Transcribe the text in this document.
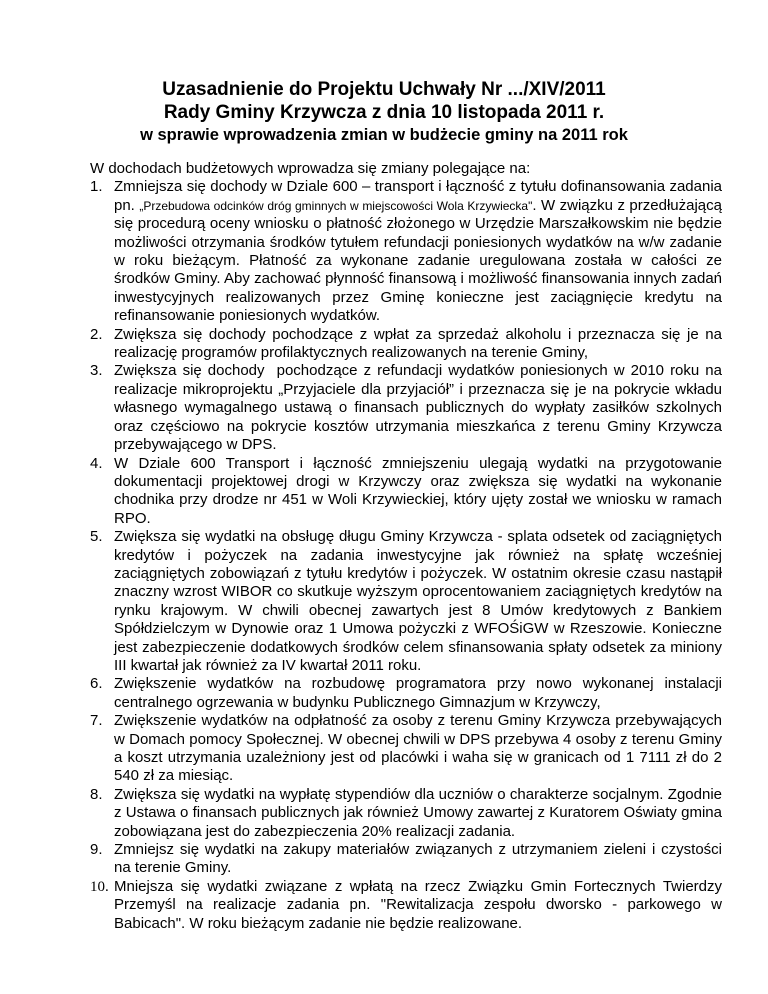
Uzasadnienie do Projektu Uchwały Nr .../XIV/2011

Rady Gminy Krzywcza z dnia 10 listopada 2011 r.

w sprawie wprowadzenia zmian w budżecie gminy na 2011 rok

W dochodach budżetowych wprowadza się zmiany polegające na:

1. Zmniejsza się dochody w Dziale 600 – transport i łączność z tytułu dofinansowania zadania pn. „Przebudowa odcinków dróg gminnych w miejscowości Wola Krzywiecka". W związku z przedłużającą się procedurą oceny wniosku o płatność złożonego w Urzędzie Marszałkowskim nie będzie możliwości otrzymania środków tytułem refundacji poniesionych wydatków na w/w zadanie w roku bieżącym. Płatność za wykonane zadanie uregulowana została w całości ze środków Gminy. Aby zachować płynność finansową i możliwość finansowania innych zadań inwestycyjnych realizowanych przez Gminę konieczne jest zaciągnięcie kredytu na refinansowanie poniesionych wydatków.
2. Zwiększa się dochody pochodzące z wpłat za sprzedaż alkoholu i przeznacza się je na realizację programów profilaktycznych realizowanych na terenie Gminy,
3. Zwiększa się dochody  pochodzące z refundacji wydatków poniesionych w 2010 roku na realizacje mikroprojektu „Przyjaciele dla przyjaciół” i przeznacza się je na pokrycie wkładu własnego wymagalnego ustawą o finansach publicznych do wypłaty zasiłków szkolnych oraz częściowo na pokrycie kosztów utrzymania mieszkańca z terenu Gminy Krzywcza przebywającego w DPS.
4. W Dziale 600 Transport i łączność zmniejszeniu ulegają wydatki na przygotowanie dokumentacji projektowej drogi w Krzywczy oraz zwiększa się wydatki na wykonanie chodnika przy drodze nr 451 w Woli Krzywieckiej, który ujęty został we wniosku w ramach RPO.
5. Zwiększa się wydatki na obsługę długu Gminy Krzywcza - splata odsetek od zaciągniętych kredytów i pożyczek na zadania inwestycyjne jak również na spłatę wcześniej zaciągniętych zobowiązań z tytułu kredytów i pożyczek. W ostatnim okresie czasu nastąpił znaczny wzrost WIBOR co skutkuje wyższym oprocentowaniem zaciągniętych kredytów na rynku krajowym. W chwili obecnej zawartych jest 8 Umów kredytowych z Bankiem Spółdzielczym w Dynowie oraz 1 Umowa pożyczki z WFOŚiGW w Rzeszowie. Konieczne jest zabezpieczenie dodatkowych środków celem sfinansowania spłaty odsetek za miniony III kwartał jak również za IV kwartał 2011 roku.
6. Zwiększenie wydatków na rozbudowę programatora przy nowo wykonanej instalacji centralnego ogrzewania w budynku Publicznego Gimnazjum w Krzywczy,
7. Zwiększenie wydatków na odpłatność za osoby z terenu Gminy Krzywcza przebywających w Domach pomocy Społecznej. W obecnej chwili w DPS przebywa 4 osoby z terenu Gminy a koszt utrzymania uzależniony jest od placówki i waha się w granicach od 1 7111 zł do 2 540 zł za miesiąc.
8. Zwiększa się wydatki na wypłatę stypendiów dla uczniów o charakterze socjalnym. Zgodnie z Ustawa o finansach publicznych jak również Umowy zawartej z Kuratorem Oświaty gmina zobowiązana jest do zabezpieczenia 20% realizacji zadania.
9. Zmniejsz się wydatki na zakupy materiałów związanych z utrzymaniem zieleni i czystości na terenie Gminy.
10. Mniejsza się wydatki związane z wpłatą na rzecz Związku Gmin Fortecznych Twierdzy Przemyśl na realizacje zadania pn. "Rewitalizacja zespołu dworsko - parkowego w Babicach". W roku bieżącym zadanie nie będzie realizowane.
